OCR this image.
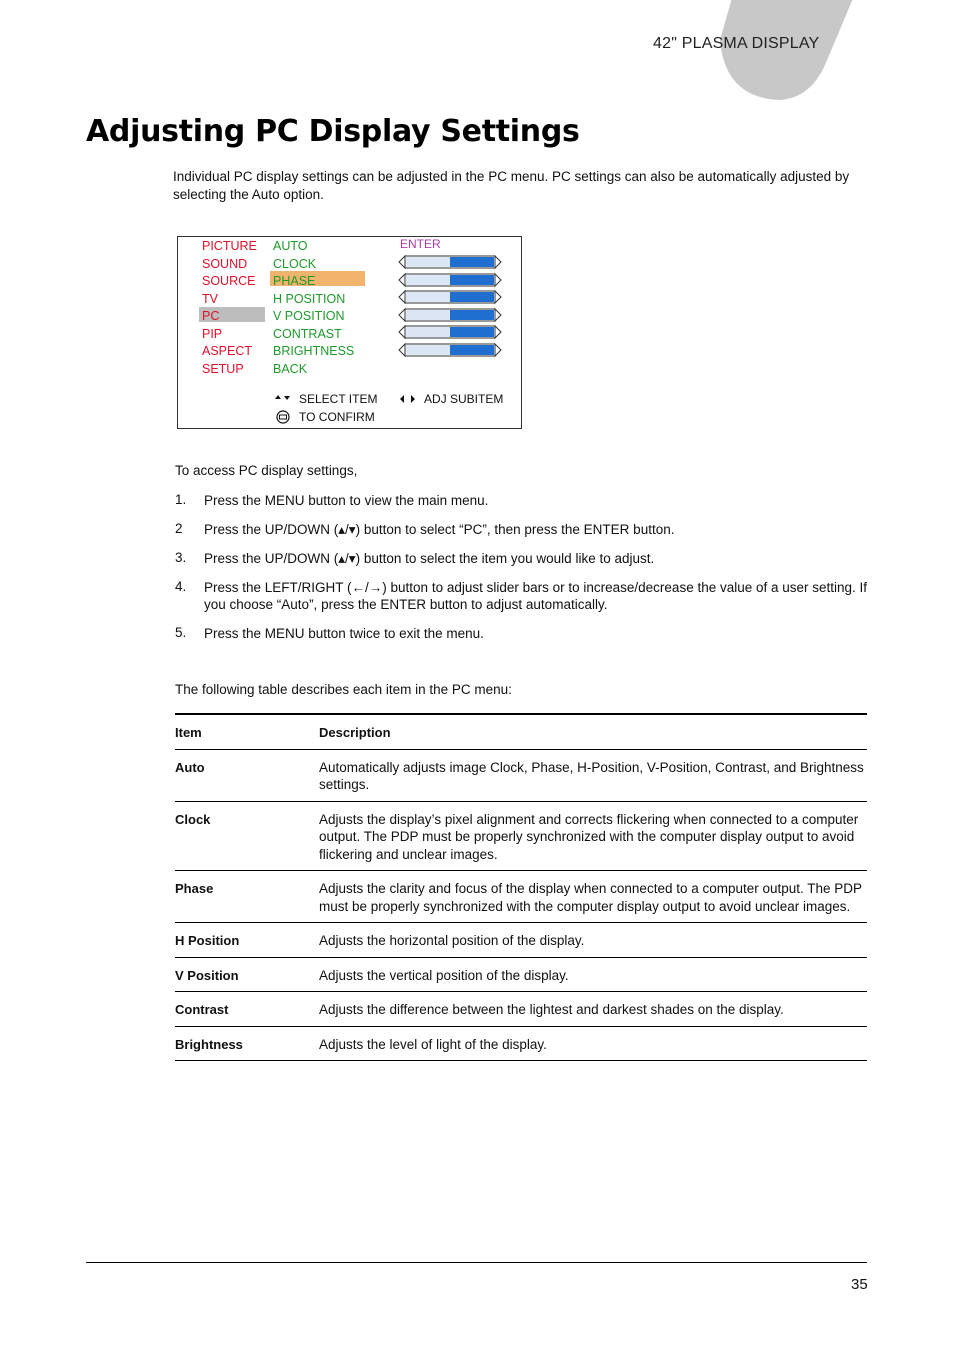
42" PLASMA DISPLAY
Adjusting PC Display Settings

Individual PC display settings can be adjusted in the PC menu. PC settings can also be automatically adjusted by selecting the Auto option.

PICTURE
SOUND
SOURCE
TV
PC
PIP
ASPECT
SETUP
AUTO
CLOCK
PHASE
H POSITION
V POSITION
CONTRAST
BRIGHTNESS
BACK
ENTER
SELECT ITEM	ADJ SUBITEM
TO CONFIRM

To access PC display settings,

1. Press the MENU button to view the main menu.
2 Press the UP/DOWN (▴/▾) button to select “PC”, then press the ENTER button.
3. Press the UP/DOWN (▴/▾) button to select the item you would like to adjust.
4. Press the LEFT/RIGHT (←/→) button to adjust slider bars or to increase/decrease the value of a user setting. If you choose “Auto”, press the ENTER button to adjust automatically.
5. Press the MENU button twice to exit the menu.

The following table describes each item in the PC menu:

Item	Description
Auto	Automatically adjusts image Clock, Phase, H-Position, V-Position, Contrast, and Brightness settings.
Clock	Adjusts the display’s pixel alignment and corrects flickering when connected to a computer output. The PDP must be properly synchronized with the computer display output to avoid flickering and unclear images.
Phase	Adjusts the clarity and focus of the display when connected to a computer output. The PDP must be properly synchronized with the computer display output to avoid unclear images.
H Position	Adjusts the horizontal position of the display.
V Position	Adjusts the vertical position of the display.
Contrast	Adjusts the difference between the lightest and darkest shades on the display.
Brightness	Adjusts the level of light of the display.
35
